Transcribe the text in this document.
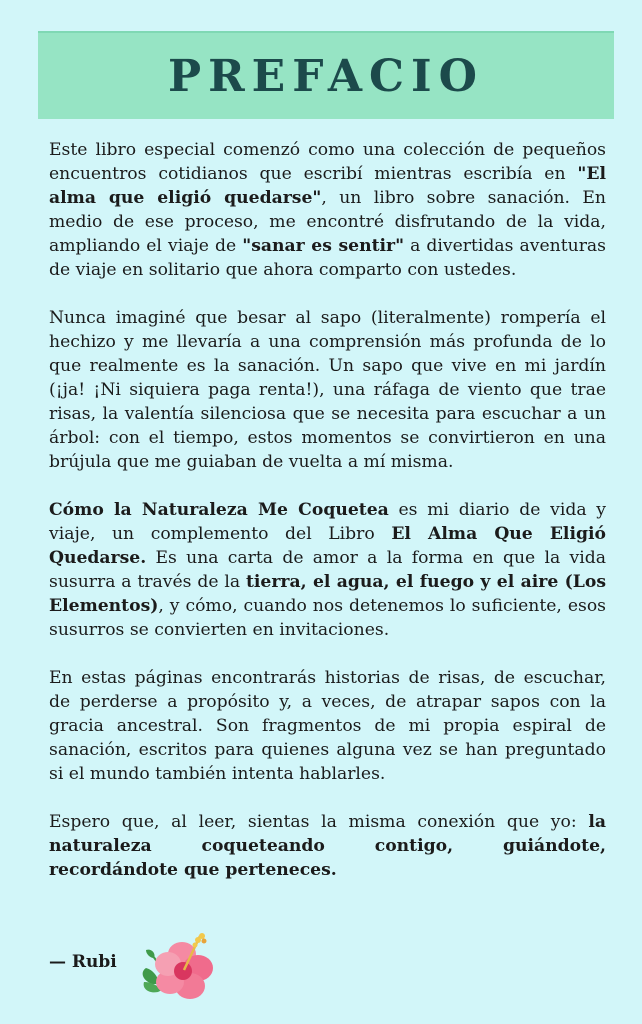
PREFACIO

Este libro especial comenzó como una colección de pequeños encuentros cotidianos que escribí mientras escribía en "El alma que eligió quedarse", un libro sobre sanación. En medio de ese proceso, me encontré disfrutando de la vida, ampliando el viaje de "sanar es sentir" a divertidas aventuras de viaje en solitario que ahora comparto con ustedes.

Nunca imaginé que besar al sapo (literalmente) rompería el hechizo y me llevaría a una comprensión más profunda de lo que realmente es la sanación. Un sapo que vive en mi jardín (¡ja! ¡Ni siquiera paga renta!), una ráfaga de viento que trae risas, la valentía silenciosa que se necesita para escuchar a un árbol: con el tiempo, estos momentos se convirtieron en una brújula que me guiaban de vuelta a mí misma.

Cómo la Naturaleza Me Coquetea es mi diario de vida y viaje, un complemento del Libro El Alma Que Eligió Quedarse. Es una carta de amor a la forma en que la vida susurra a través de la tierra, el agua, el fuego y el aire (Los Elementos), y cómo, cuando nos detenemos lo suficiente, esos susurros se convierten en invitaciones.

En estas páginas encontrarás historias de risas, de escuchar, de perderse a propósito y, a veces, de atrapar sapos con la gracia ancestral. Son fragmentos de mi propia espiral de sanación, escritos para quienes alguna vez se han preguntado si el mundo también intenta hablarles.

Espero que, al leer, sientas la misma conexión que yo: la naturaleza coqueteando contigo, guiándote, recordándote que perteneces.

— Rubi
